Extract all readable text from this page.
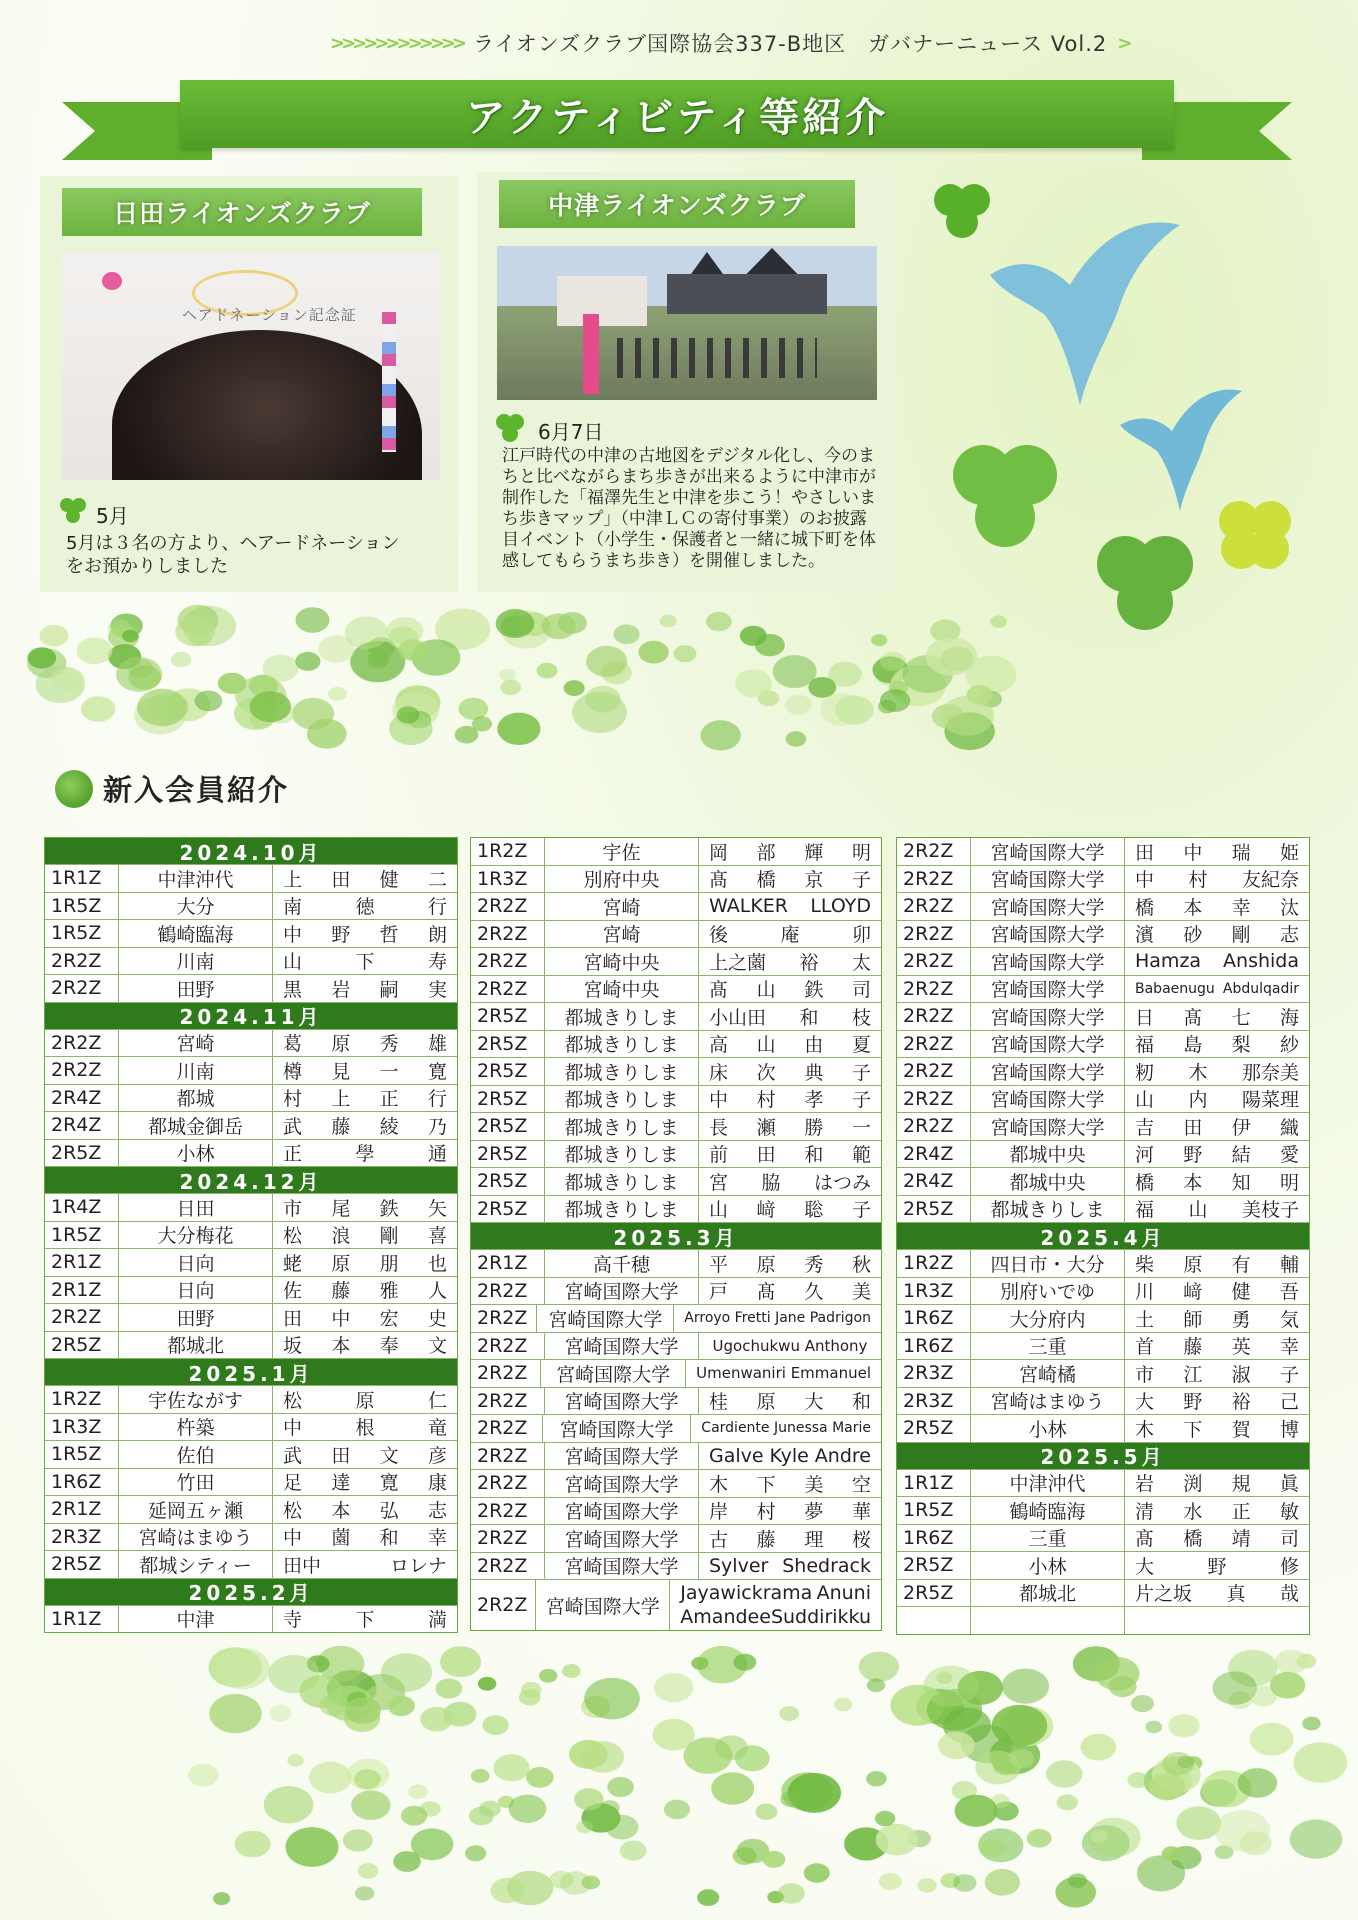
>>>>>>>>>>>> ライオンズクラブ国際協会337-B地区　ガバナーニュース Vol.2 >
アクティビティ等紹介
日田ライオンズクラブ
ヘアドネーション記念証
5月
5月は３名の方より、ヘアードネーション
をお預かりしました
中津ライオンズクラブ
6月7日
江戸時代の中津の古地図をデジタル化し、今のま
ちと比べながらまち歩きが出来るように中津市が
制作した「福澤先生と中津を歩こう！やさしいま
ち歩きマップ」（中津ＬＣの寄付事業）のお披露
目イベント（小学生・保護者と一緒に城下町を体
感してもらうまち歩き）を開催しました。
新入会員紹介
2024.10月
1R1Z	中津沖代	上 田 健 二
1R5Z	大分	南	徳	行
1R5Z	鶴崎臨海	中 野 哲 朗
2R2Z	川南	山	下	寿
2R2Z	田野	黒 岩 嗣 実
2024.11月
2R2Z	宮崎	葛 原 秀 雄
2R2Z	川南	樽 見 一 寛
2R4Z	都城	村 上 正 行
2R4Z	都城金御岳	武 藤 綾 乃
2R5Z	小林	正	學	通
2024.12月
1R4Z	日田	市 尾 鉄 矢
1R5Z	大分梅花	松 浪 剛 喜
2R1Z	日向	蛯 原 朋 也
2R1Z	日向	佐 藤 雅 人
2R2Z	田野	田 中 宏 史
2R5Z	都城北	坂 本 奉 文
2025.1月
1R2Z	宇佐ながす	松	原	仁
1R3Z	杵築	中	根	竜
1R5Z	佐伯	武 田 文 彦
1R6Z	竹田	足 達 寛 康
2R1Z	延岡五ヶ瀬	松 本 弘 志
2R3Z	宮崎はまゆう	中 薗 和 幸
2R5Z	都城シティー	田中	ロレナ
2025.2月
1R1Z	中津	寺	下	満
1R2Z	宇佐	岡 部 輝 明
1R3Z	別府中央	髙 橋 京 子
2R2Z	宮崎	WALKER LLOYD
2R2Z	宮崎	後	庵	卯
2R2Z	宮崎中央	上之薗 裕 太
2R2Z	宮崎中央	髙 山 鉄 司
2R5Z	都城きりしま	小山田 和 枝
2R5Z	都城きりしま	高 山 由 夏
2R5Z	都城きりしま	床 次 典 子
2R5Z	都城きりしま	中 村 孝 子
2R5Z	都城きりしま	長 瀬 勝 一
2R5Z	都城きりしま	前 田 和 範
2R5Z	都城きりしま	宮 脇 はつみ
2R5Z	都城きりしま	山 﨑 聡 子
2025.3月
2R1Z	高千穂	平 原 秀 秋
2R2Z	宮崎国際大学	戸 髙 久 美
2R2Z	宮崎国際大学	Arroyo Fretti Jane Padrigon
2R2Z	宮崎国際大学	Ugochukwu Anthony
2R2Z	宮崎国際大学	Umenwaniri Emmanuel
2R2Z	宮崎国際大学	桂 原 大 和
2R2Z	宮崎国際大学	Cardiente Junessa Marie
2R2Z	宮崎国際大学	Galve Kyle Andre
2R2Z	宮崎国際大学	木 下 美 空
2R2Z	宮崎国際大学	岸 村 夢 華
2R2Z	宮崎国際大学	古 藤 理 桜
2R2Z	宮崎国際大学	Sylver Shedrack
2R2Z 宮崎国際大学
Jayawickrama Anuni
Amandee Suddirikku
2R2Z	宮崎国際大学	田 中 瑞 姫
2R2Z	宮崎国際大学	中 村 友紀奈
2R2Z	宮崎国際大学	橋 本 幸 汰
2R2Z	宮崎国際大学	濱 砂 剛 志
2R2Z	宮崎国際大学	Hamza Anshida
2R2Z	宮崎国際大学	Babaenugu Abdulqadir
2R2Z	宮崎国際大学	日 髙 七 海
2R2Z	宮崎国際大学	福 島 梨 紗
2R2Z	宮崎国際大学	籾 木 那奈美
2R2Z	宮崎国際大学	山 内 陽菜理
2R2Z	宮崎国際大学	吉 田 伊 織
2R4Z	都城中央	河 野 結 愛
2R4Z	都城中央	橋 本 知 明
2R5Z	都城きりしま	福 山 美枝子
2025.4月
1R2Z	四日市・大分	柴 原 有 輔
1R3Z	別府いでゆ	川 﨑 健 吾
1R6Z	大分府内	土 師 勇 気
1R6Z	三重	首 藤 英 幸
2R3Z	宮崎橘	市 江 淑 子
2R3Z	宮崎はまゆう	大 野 裕 己
2R5Z	小林	木 下 賀 博
2025.5月
1R1Z	中津沖代	岩 渕 規 眞
1R5Z	鶴崎臨海	清 水 正 敏
1R6Z	三重	髙 橋 靖 司
2R5Z	小林	大	野	修
2R5Z	都城北	片之坂 真 哉
